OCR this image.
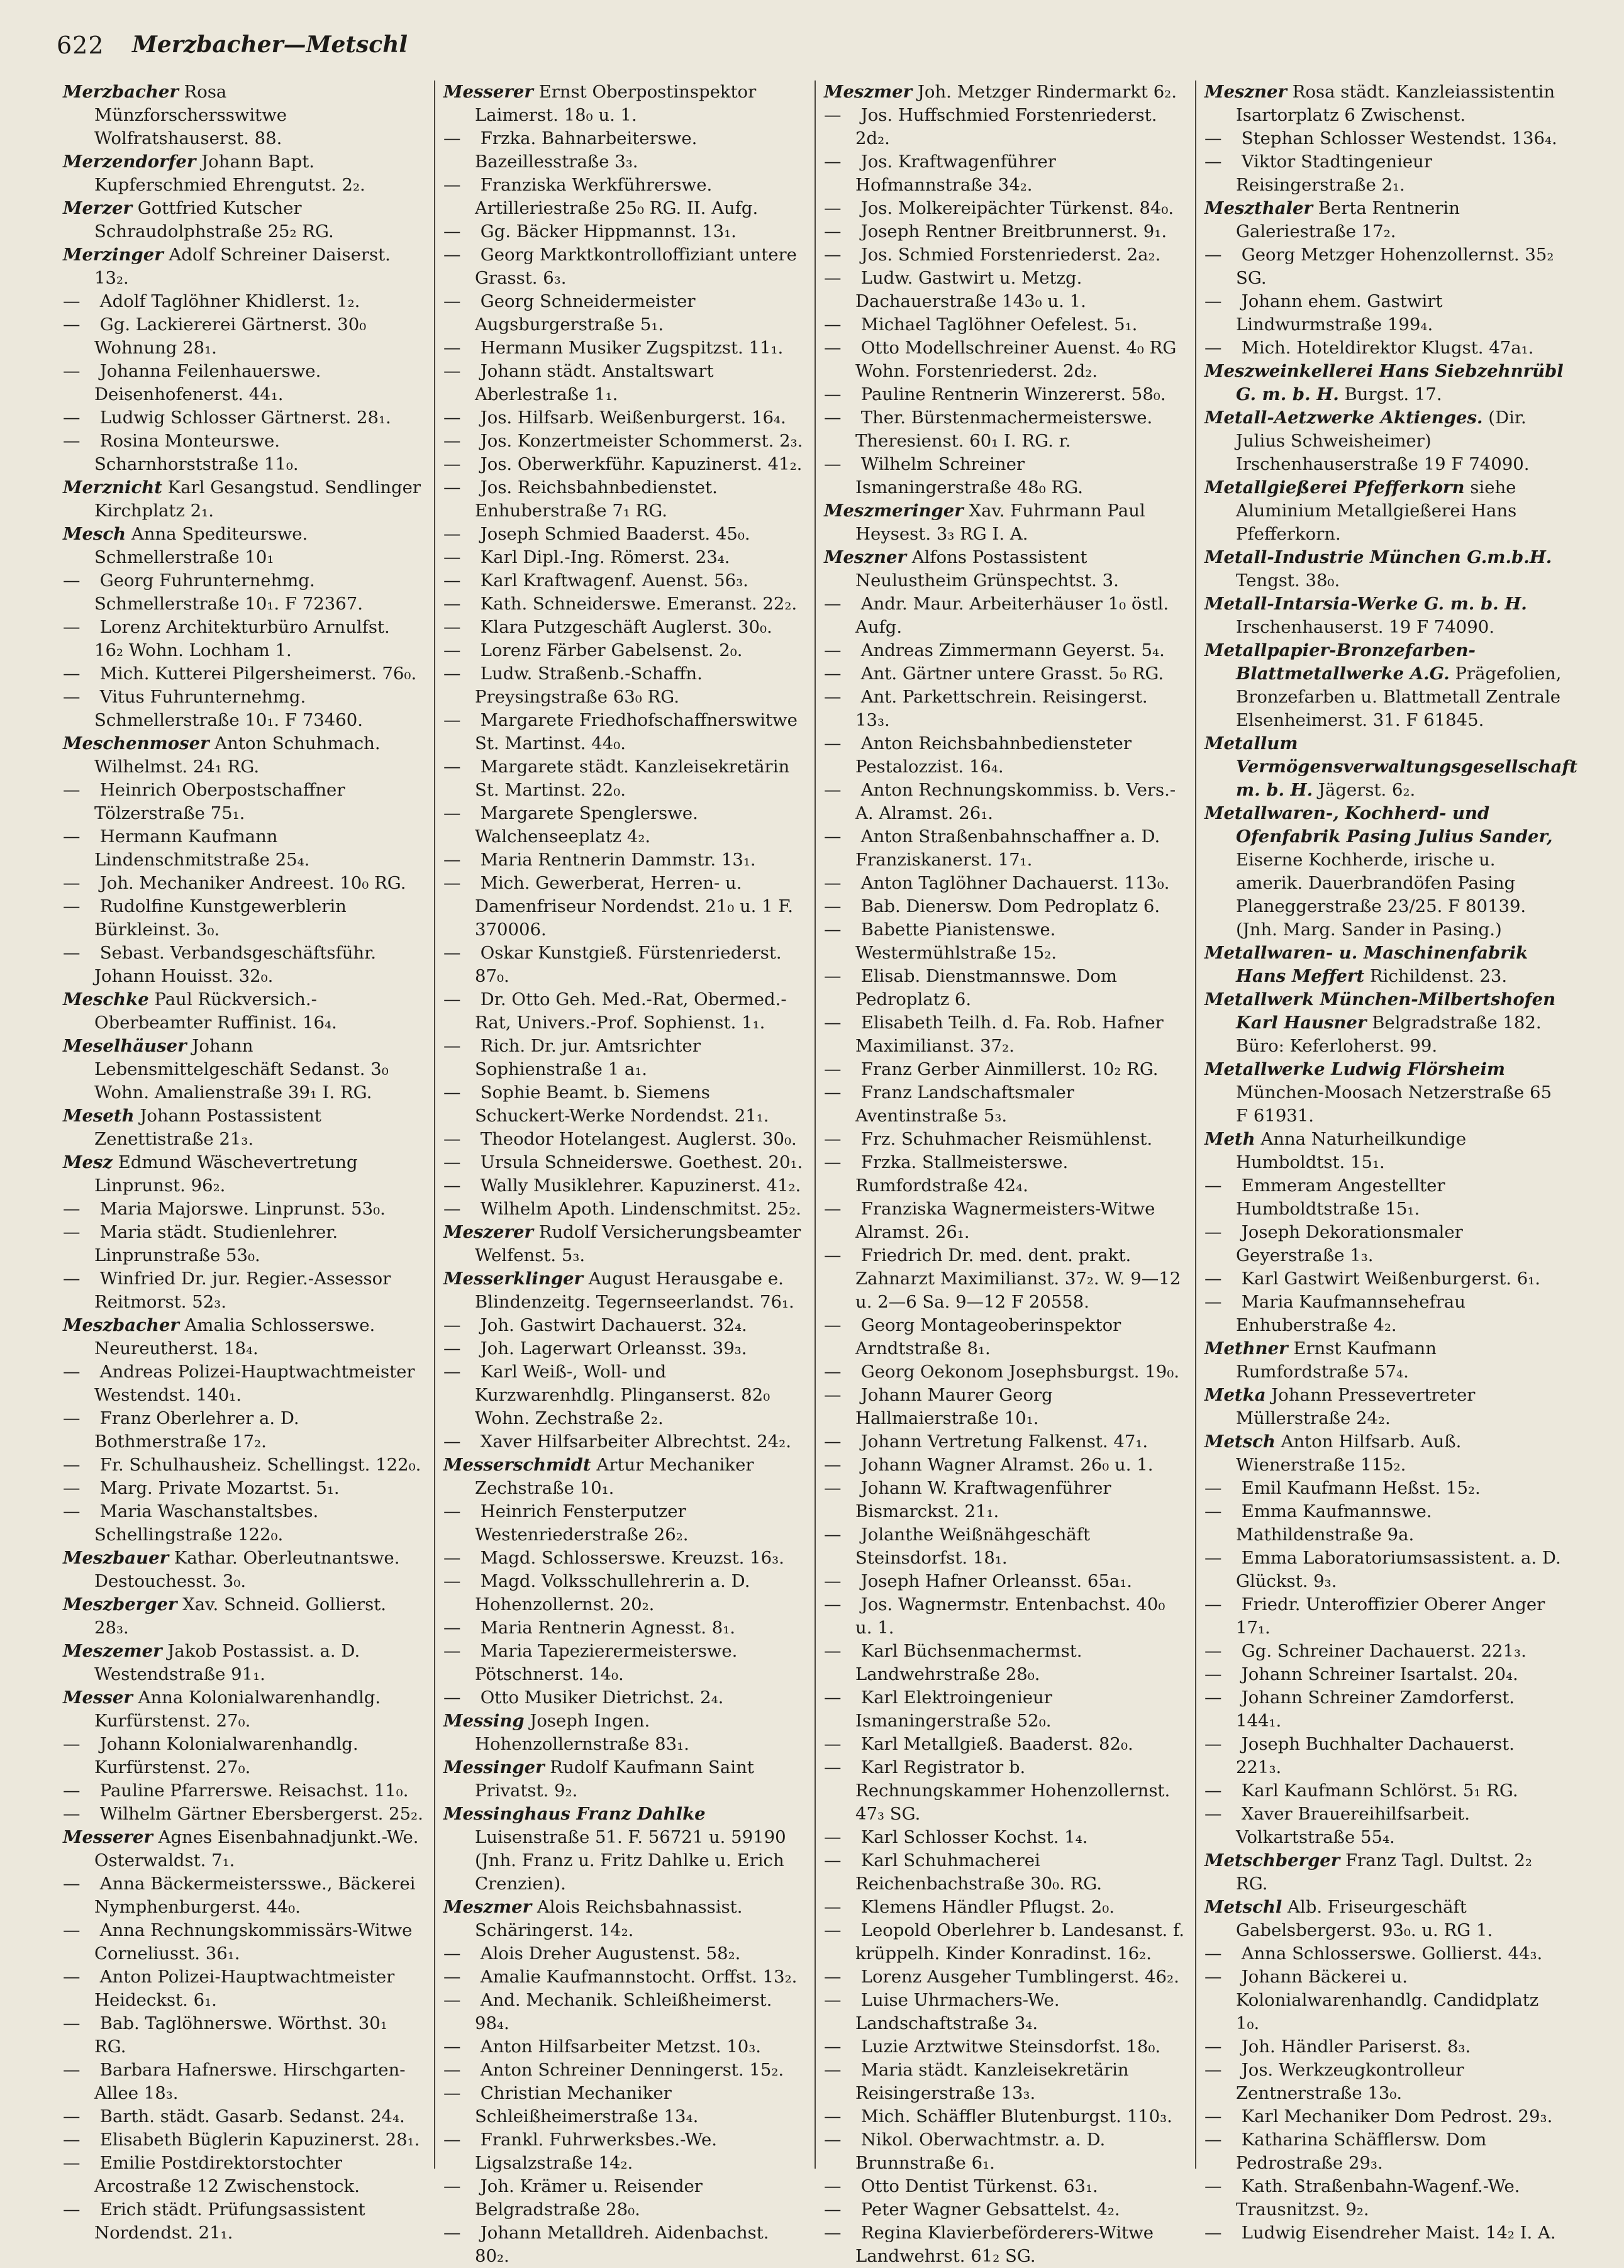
622 Merzbacher—Metschl

Merzbacher Rosa Münzforschersswitwe Wolfratshauserst. 88.

Merzendorfer Johann Bapt. Kupferschmied Ehrengutst. 2₂.

Merzer Gottfried Kutscher Schraudolphstraße 25₂ RG.

Merzinger Adolf Schreiner Daiserst. 13₂.

— Adolf Taglöhner Khidlerst. 1₂.

— Gg. Lackiererei Gärtnerst. 30₀ Wohnung 28₁.

— Johanna Feilenhauerswe. Deisenhofenerst. 44₁.

— Ludwig Schlosser Gärtnerst. 28₁.

— Rosina Monteurswe. Scharnhorststraße 11₀.

Merznicht Karl Gesangstud. Sendlinger Kirchplatz 2₁.

Mesch Anna Spediteurswe. Schmellerstraße 10₁

— Georg Fuhrunternehmg. Schmellerstraße 10₁. F 72367.

— Lorenz Architekturbüro Arnulfst. 16₂ Wohn. Lochham 1.

— Mich. Kutterei Pilgersheimerst. 76₀.

— Vitus Fuhrunternehmg. Schmellerstraße 10₁. F 73460.

Meschenmoser Anton Schuhmach. Wilhelmst. 24₁ RG.

— Heinrich Oberpostschaffner Tölzerstraße 75₁.

— Hermann Kaufmann Lindenschmitstraße 25₄.

— Joh. Mechaniker Andreest. 10₀ RG.

— Rudolfine Kunstgewerblerin Bürkleinst. 3₀.

— Sebast. Verbandsgeschäftsführ. Johann Houisst. 32₀.

Meschke Paul Rückversich.-Oberbeamter Ruffinist. 16₄.

Meselhäuser Johann Lebensmittelgeschäft Sedanst. 3₀ Wohn. Amalienstraße 39₁ I. RG.

Meseth Johann Postassistent Zenettistraße 21₃.

Mesz Edmund Wäschevertretung Linprunst. 96₂.

— Maria Majorswe. Linprunst. 53₀.

— Maria städt. Studienlehrer. Linprunstraße 53₀.

— Winfried Dr. jur. Regier.-Assessor Reitmorst. 52₃.

Meszbacher Amalia Schlosserswe. Neureutherst. 18₄.

— Andreas Polizei-Hauptwachtmeister Westendst. 140₁.

— Franz Oberlehrer a. D. Bothmerstraße 17₂.

— Fr. Schulhausheiz. Schellingst. 122₀.

— Marg. Private Mozartst. 5₁.

— Maria Waschanstaltsbes. Schellingstraße 122₀.

Meszbauer Kathar. Oberleutnantswe. Destouchesst. 3₀.

Meszberger Xav. Schneid. Gollierst. 28₃.

Meszemer Jakob Postassist. a. D. Westendstraße 91₁.

Messer Anna Kolonialwarenhandlg. Kurfürstenst. 27₀.

— Johann Kolonialwarenhandlg. Kurfürstenst. 27₀.

— Pauline Pfarrerswe. Reisachst. 11₀.

— Wilhelm Gärtner Ebersbergerst. 25₂.

Messerer Agnes Eisenbahnadjunkt.-We. Osterwaldst. 7₁.

— Anna Bäckermeistersswe., Bäckerei Nymphenburgerst. 44₀.

— Anna Rechnungskommissärs-Witwe Corneliusst. 36₁.

— Anton Polizei-Hauptwachtmeister Heideckst. 6₁.

— Bab. Taglöhnerswe. Wörthst. 30₁ RG.

— Barbara Hafnerswe. Hirschgarten-Allee 18₃.

— Barth. städt. Gasarb. Sedanst. 24₄.

— Elisabeth Büglerin Kapuzinerst. 28₁.

— Emilie Postdirektorstochter Arcostraße 12 Zwischenstock.

— Erich städt. Prüfungsassistent Nordendst. 21₁.

Messerer Ernst Oberpostinspektor Laimerst. 18₀ u. 1.

— Frzka. Bahnarbeiterswe. Bazeillesstraße 3₃.

— Franziska Werkführerswe. Artilleriestraße 25₀ RG. II. Aufg.

— Gg. Bäcker Hippmannst. 13₁.

— Georg Marktkontrolloffiziant untere Grasst. 6₃.

— Georg Schneidermeister Augsburgerstraße 5₁.

— Hermann Musiker Zugspitzst. 11₁.

— Johann städt. Anstaltswart Aberlestraße 1₁.

— Jos. Hilfsarb. Weißenburgerst. 16₄.

— Jos. Konzertmeister Schommerst. 2₃.

— Jos. Oberwerkführ. Kapuzinerst. 41₂.

— Jos. Reichsbahnbedienstet. Enhuberstraße 7₁ RG.

— Joseph Schmied Baaderst. 45₀.

— Karl Dipl.-Ing. Römerst. 23₄.

— Karl Kraftwagenf. Auenst. 56₃.

— Kath. Schneiderswe. Emeranst. 22₂.

— Klara Putzgeschäft Auglerst. 30₀.

— Lorenz Färber Gabelsenst. 2₀.

— Ludw. Straßenb.-Schaffn. Preysingstraße 63₀ RG.

— Margarete Friedhofschaffnerswitwe St. Martinst. 44₀.

— Margarete städt. Kanzleisekretärin St. Martinst. 22₀.

— Margarete Spenglerswe. Walchenseeplatz 4₂.

— Maria Rentnerin Dammstr. 13₁.

— Mich. Gewerberat, Herren- u. Damenfriseur Nordendst. 21₀ u. 1 F. 370006.

— Oskar Kunstgieß. Fürstenriederst. 87₀.

— Dr. Otto Geh. Med.-Rat, Obermed.-Rat, Univers.-Prof. Sophienst. 1₁.

— Rich. Dr. jur. Amtsrichter Sophienstraße 1 a₁.

— Sophie Beamt. b. Siemens Schuckert-Werke Nordendst. 21₁.

— Theodor Hotelangest. Auglerst. 30₀.

— Ursula Schneiderswe. Goethest. 20₁.

— Wally Musiklehrer. Kapuzinerst. 41₂.

— Wilhelm Apoth. Lindenschmitst. 25₂.

Meszerer Rudolf Versicherungsbeamter Welfenst. 5₃.

Messerklinger August Herausgabe e. Blindenzeitg. Tegernseerlandst. 76₁.

— Joh. Gastwirt Dachauerst. 32₄.

— Joh. Lagerwart Orleansst. 39₃.

— Karl Weiß-, Woll- und Kurzwarenhdlg. Plinganserst. 82₀ Wohn. Zechstraße 2₂.

— Xaver Hilfsarbeiter Albrechtst. 24₂.

Messerschmidt Artur Mechaniker Zechstraße 10₁.

— Heinrich Fensterputzer Westenriederstraße 26₂.

— Magd. Schlosserswe. Kreuzst. 16₃.

— Magd. Volksschullehrerin a. D. Hohenzollernst. 20₂.

— Maria Rentnerin Agnesst. 8₁.

— Maria Tapezierermeisterswe. Pötschnerst. 14₀.

— Otto Musiker Dietrichst. 2₄.

Messing Joseph Ingen. Hohenzollernstraße 83₁.

Messinger Rudolf Kaufmann Saint Privatst. 9₂.

Messinghaus Franz Dahlke Luisenstraße 51. F. 56721 u. 59190 (Jnh. Franz u. Fritz Dahlke u. Erich Crenzien).

Meszmer Alois Reichsbahnassist. Schäringerst. 14₂.

— Alois Dreher Augustenst. 58₂.

— Amalie Kaufmannstocht. Orffst. 13₂.

— And. Mechanik. Schleißheimerst. 98₄.

— Anton Hilfsarbeiter Metzst. 10₃.

— Anton Schreiner Denningerst. 15₂.

— Christian Mechaniker Schleißheimerstraße 13₄.

— Frankl. Fuhrwerksbes.-We. Ligsalzstraße 14₂.

— Joh. Krämer u. Reisender Belgradstraße 28₀.

— Johann Metalldreh. Aidenbachst. 80₂.

Meszmer Joh. Metzger Rindermarkt 6₂.

— Jos. Huffschmied Forstenriederst. 2d₂.

— Jos. Kraftwagenführer Hofmannstraße 34₂.

— Jos. Molkereipächter Türkenst. 84₀.

— Joseph Rentner Breitbrunnerst. 9₁.

— Jos. Schmied Forstenriederst. 2a₂.

— Ludw. Gastwirt u. Metzg. Dachauerstraße 143₀ u. 1.

— Michael Taglöhner Oefelest. 5₁.

— Otto Modellschreiner Auenst. 4₀ RG Wohn. Forstenriederst. 2d₂.

— Pauline Rentnerin Winzererst. 58₀.

— Ther. Bürstenmachermeisterswe. Theresienst. 60₁ I. RG. r.

— Wilhelm Schreiner Ismaningerstraße 48₀ RG.

Meszmeringer Xav. Fuhrmann Paul Heysest. 3₃ RG I. A.

Meszner Alfons Postassistent Neulustheim Grünspechtst. 3.

— Andr. Maur. Arbeiterhäuser 1₀ östl. Aufg.

— Andreas Zimmermann Geyerst. 5₄.

— Ant. Gärtner untere Grasst. 5₀ RG.

— Ant. Parkettschrein. Reisingerst. 13₃.

— Anton Reichsbahnbediensteter Pestalozzist. 16₄.

— Anton Rechnungskommiss. b. Vers.-A. Alramst. 26₁.

— Anton Straßenbahnschaffner a. D. Franziskanerst. 17₁.

— Anton Taglöhner Dachauerst. 113₀.

— Bab. Dienersw. Dom Pedroplatz 6.

— Babette Pianistenswe. Westermühlstraße 15₂.

— Elisab. Dienstmannswe. Dom Pedroplatz 6.

— Elisabeth Teilh. d. Fa. Rob. Hafner Maximilianst. 37₂.

— Franz Gerber Ainmillerst. 10₂ RG.

— Franz Landschaftsmaler Aventinstraße 5₃.

— Frz. Schuhmacher Reismühlenst.

— Frzka. Stallmeisterswe. Rumfordstraße 42₄.

— Franziska Wagnermeisters-Witwe Alramst. 26₁.

— Friedrich Dr. med. dent. prakt. Zahnarzt Maximilianst. 37₂. W. 9—12 u. 2—6 Sa. 9—12 F 20558.

— Georg Montageoberinspektor Arndtstraße 8₁.

— Georg Oekonom Josephsburgst. 19₀.

— Johann Maurer Georg Hallmaierstraße 10₁.

— Johann Vertretung Falkenst. 47₁.

— Johann Wagner Alramst. 26₀ u. 1.

— Johann W. Kraftwagenführer Bismarckst. 21₁.

— Jolanthe Weißnähgeschäft Steinsdorfst. 18₁.

— Joseph Hafner Orleansst. 65a₁.

— Jos. Wagnermstr. Entenbachst. 40₀ u. 1.

— Karl Büchsenmachermst. Landwehrstraße 28₀.

— Karl Elektroingenieur Ismaningerstraße 52₀.

— Karl Metallgieß. Baaderst. 82₀.

— Karl Registrator b. Rechnungskammer Hohenzollernst. 47₃ SG.

— Karl Schlosser Kochst. 1₄.

— Karl Schuhmacherei Reichenbachstraße 30₀. RG.

— Klemens Händler Pflugst. 2₀.

— Leopold Oberlehrer b. Landesanst. f. krüppelh. Kinder Konradinst. 16₂.

— Lorenz Ausgeher Tumblingerst. 46₂.

— Luise Uhrmachers-We. Landschaftstraße 3₄.

— Luzie Arztwitwe Steinsdorfst. 18₀.

— Maria städt. Kanzleisekretärin Reisingerstraße 13₃.

— Mich. Schäffler Blutenburgst. 110₃.

— Nikol. Oberwachtmstr. a. D. Brunnstraße 6₁.

— Otto Dentist Türkenst. 63₁.

— Peter Wagner Gebsattelst. 4₂.

— Regina Klavierbeförderers-Witwe Landwehrst. 61₂ SG.

Meszner Rosa städt. Kanzleiassistentin Isartorplatz 6 Zwischenst.

— Stephan Schlosser Westendst. 136₄.

— Viktor Stadtingenieur Reisingerstraße 2₁.

Meszthaler Berta Rentnerin Galeriestraße 17₂.

— Georg Metzger Hohenzollernst. 35₂ SG.

— Johann ehem. Gastwirt Lindwurmstraße 199₄.

— Mich. Hoteldirektor Klugst. 47a₁.

Meszweinkellerei Hans Siebzehnrübl G. m. b. H. Burgst. 17.

Metall-Aetzwerke Aktienges. (Dir. Julius Schweisheimer) Irschenhauserstraße 19 F 74090.

Metallgießerei Pfefferkorn siehe Aluminium Metallgießerei Hans Pfefferkorn.

Metall-Industrie München G.m.b.H. Tengst. 38₀.

Metall-Intarsia-Werke G. m. b. H. Irschenhauserst. 19 F 74090.

Metallpapier-Bronzefarben-Blattmetallwerke A.G. Prägefolien, Bronzefarben u. Blattmetall Zentrale Elsenheimerst. 31. F 61845.

Metallum Vermögensverwaltungsgesellschaft m. b. H. Jägerst. 6₂.

Metallwaren-, Kochherd- und Ofenfabrik Pasing Julius Sander, Eiserne Kochherde, irische u. amerik. Dauerbrandöfen Pasing Planeggerstraße 23/25. F 80139. (Jnh. Marg. Sander in Pasing.)

Metallwaren- u. Maschinenfabrik Hans Meffert Richildenst. 23.

Metallwerk München-Milbertshofen Karl Hausner Belgradstraße 182. Büro: Keferloherst. 99.

Metallwerke Ludwig Flörsheim München-Moosach Netzerstraße 65 F 61931.

Meth Anna Naturheilkundige Humboldtst. 15₁.

— Emmeram Angestellter Humboldtstraße 15₁.

— Joseph Dekorationsmaler Geyerstraße 1₃.

— Karl Gastwirt Weißenburgerst. 6₁.

— Maria Kaufmannsehefrau Enhuberstraße 4₂.

Methner Ernst Kaufmann Rumfordstraße 57₄.

Metka Johann Pressevertreter Müllerstraße 24₂.

Metsch Anton Hilfsarb. Auß. Wienerstraße 115₂.

— Emil Kaufmann Heßst. 15₂.

— Emma Kaufmannswe. Mathildenstraße 9a.

— Emma Laboratoriumsassistent. a. D. Glückst. 9₃.

— Friedr. Unteroffizier Oberer Anger 17₁.

— Gg. Schreiner Dachauerst. 221₃.

— Johann Schreiner Isartalst. 20₄.

— Johann Schreiner Zamdorferst. 144₁.

— Joseph Buchhalter Dachauerst. 221₃.

— Karl Kaufmann Schlörst. 5₁ RG.

— Xaver Brauereihilfsarbeit. Volkartstraße 55₄.

Metschberger Franz Tagl. Dultst. 2₂ RG.

Metschl Alb. Friseurgeschäft Gabelsbergerst. 93₀. u. RG 1.

— Anna Schlosserswe. Gollierst. 44₃.

— Johann Bäckerei u. Kolonialwarenhandlg. Candidplatz 1₀.

— Joh. Händler Pariserst. 8₃.

— Jos. Werkzeugkontrolleur Zentnerstraße 13₀.

— Karl Mechaniker Dom Pedrost. 29₃.

— Katharina Schäfflersw. Dom Pedrostraße 29₃.

— Kath. Straßenbahn-Wagenf.-We. Trausnitzst. 9₂.

— Ludwig Eisendreher Maist. 14₂ I. A.
